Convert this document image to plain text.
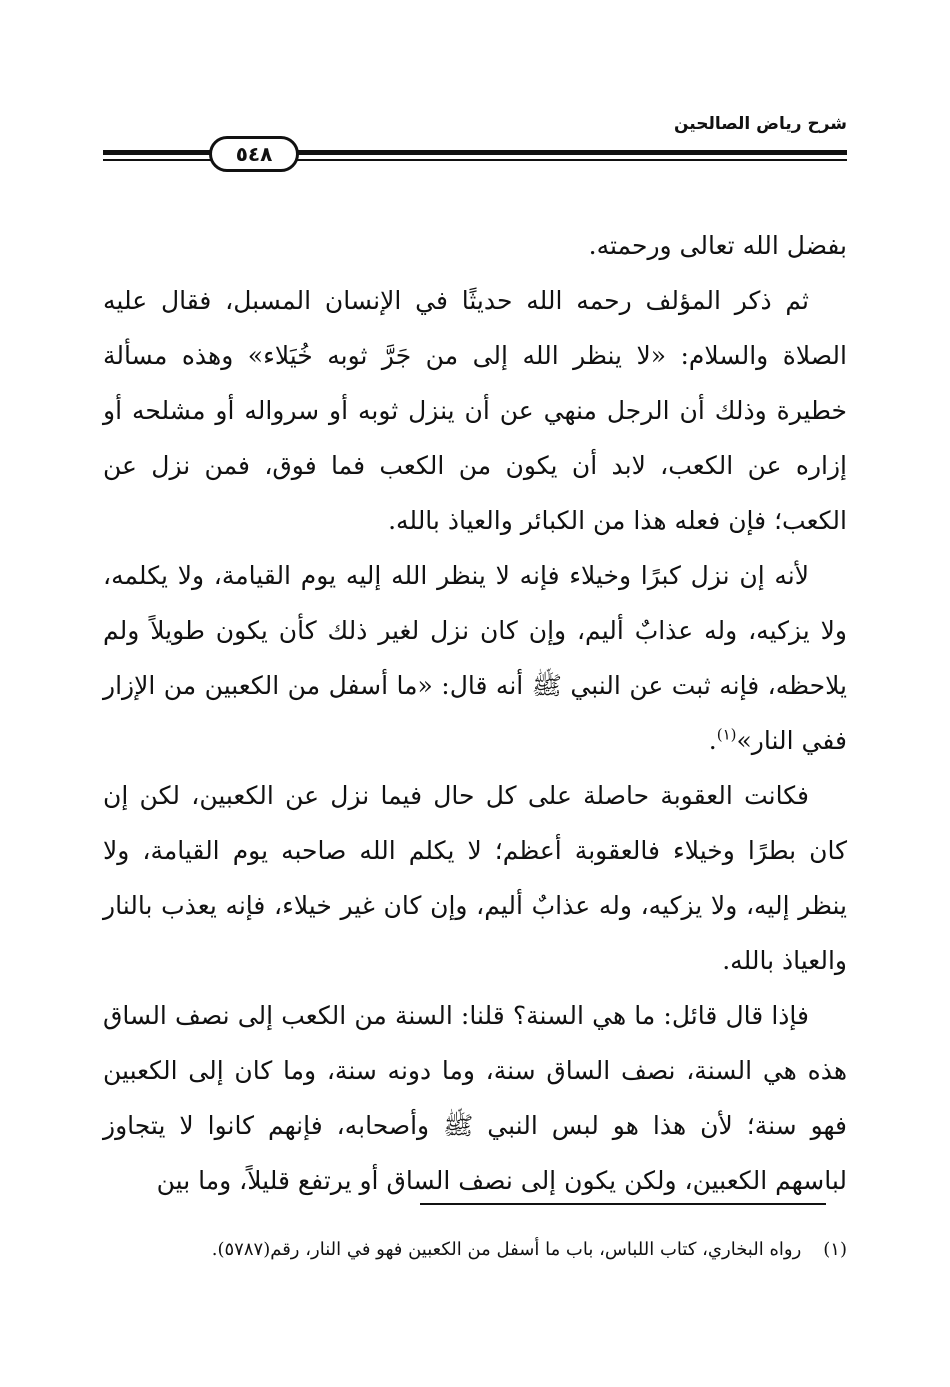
شرح رياض الصالحين
٥٤٨

بفضل الله تعالى ورحمته.

ثم ذكر المؤلف رحمه الله حديثًا في الإنسان المسبل، فقال عليه الصلاة والسلام: «لا ينظر الله إلى من جَرَّ ثوبه خُيَلاء» وهذه مسألة خطيرة وذلك أن الرجل منهي عن أن ينزل ثوبه أو سرواله أو مشلحه أو إزاره عن الكعب، لابد أن يكون من الكعب فما فوق، فمن نزل عن الكعب؛ فإن فعله هذا من الكبائر والعياذ بالله.

لأنه إن نزل كبرًا وخيلاء فإنه لا ينظر الله إليه يوم القيامة، ولا يكلمه، ولا يزكيه، وله عذابٌ أليم، وإن كان نزل لغير ذلك كأن يكون طويلاً ولم يلاحظه، فإنه ثبت عن النبي ﷺ أنه قال: «ما أسفل من الكعبين من الإزار ففي النار»$^{(١)}$.

فكانت العقوبة حاصلة على كل حال فيما نزل عن الكعبين، لكن إن كان بطرًا وخيلاء فالعقوبة أعظم؛ لا يكلم الله صاحبه يوم القيامة، ولا ينظر إليه، ولا يزكيه، وله عذابٌ أليم، وإن كان غير خيلاء، فإنه يعذب بالنار والعياذ بالله.

فإذا قال قائل: ما هي السنة؟ قلنا: السنة من الكعب إلى نصف الساق هذه هي السنة، نصف الساق سنة، وما دونه سنة، وما كان إلى الكعبين فهو سنة؛ لأن هذا هو لبس النبي ﷺ وأصحابه، فإنهم كانوا لا يتجاوز لباسهم الكعبين، ولكن يكون إلى نصف الساق أو يرتفع قليلاً، وما بين

(١)رواه البخاري، كتاب اللباس، باب ما أسفل من الكعبين فهو في النار، رقم(٥٧٨٧).
